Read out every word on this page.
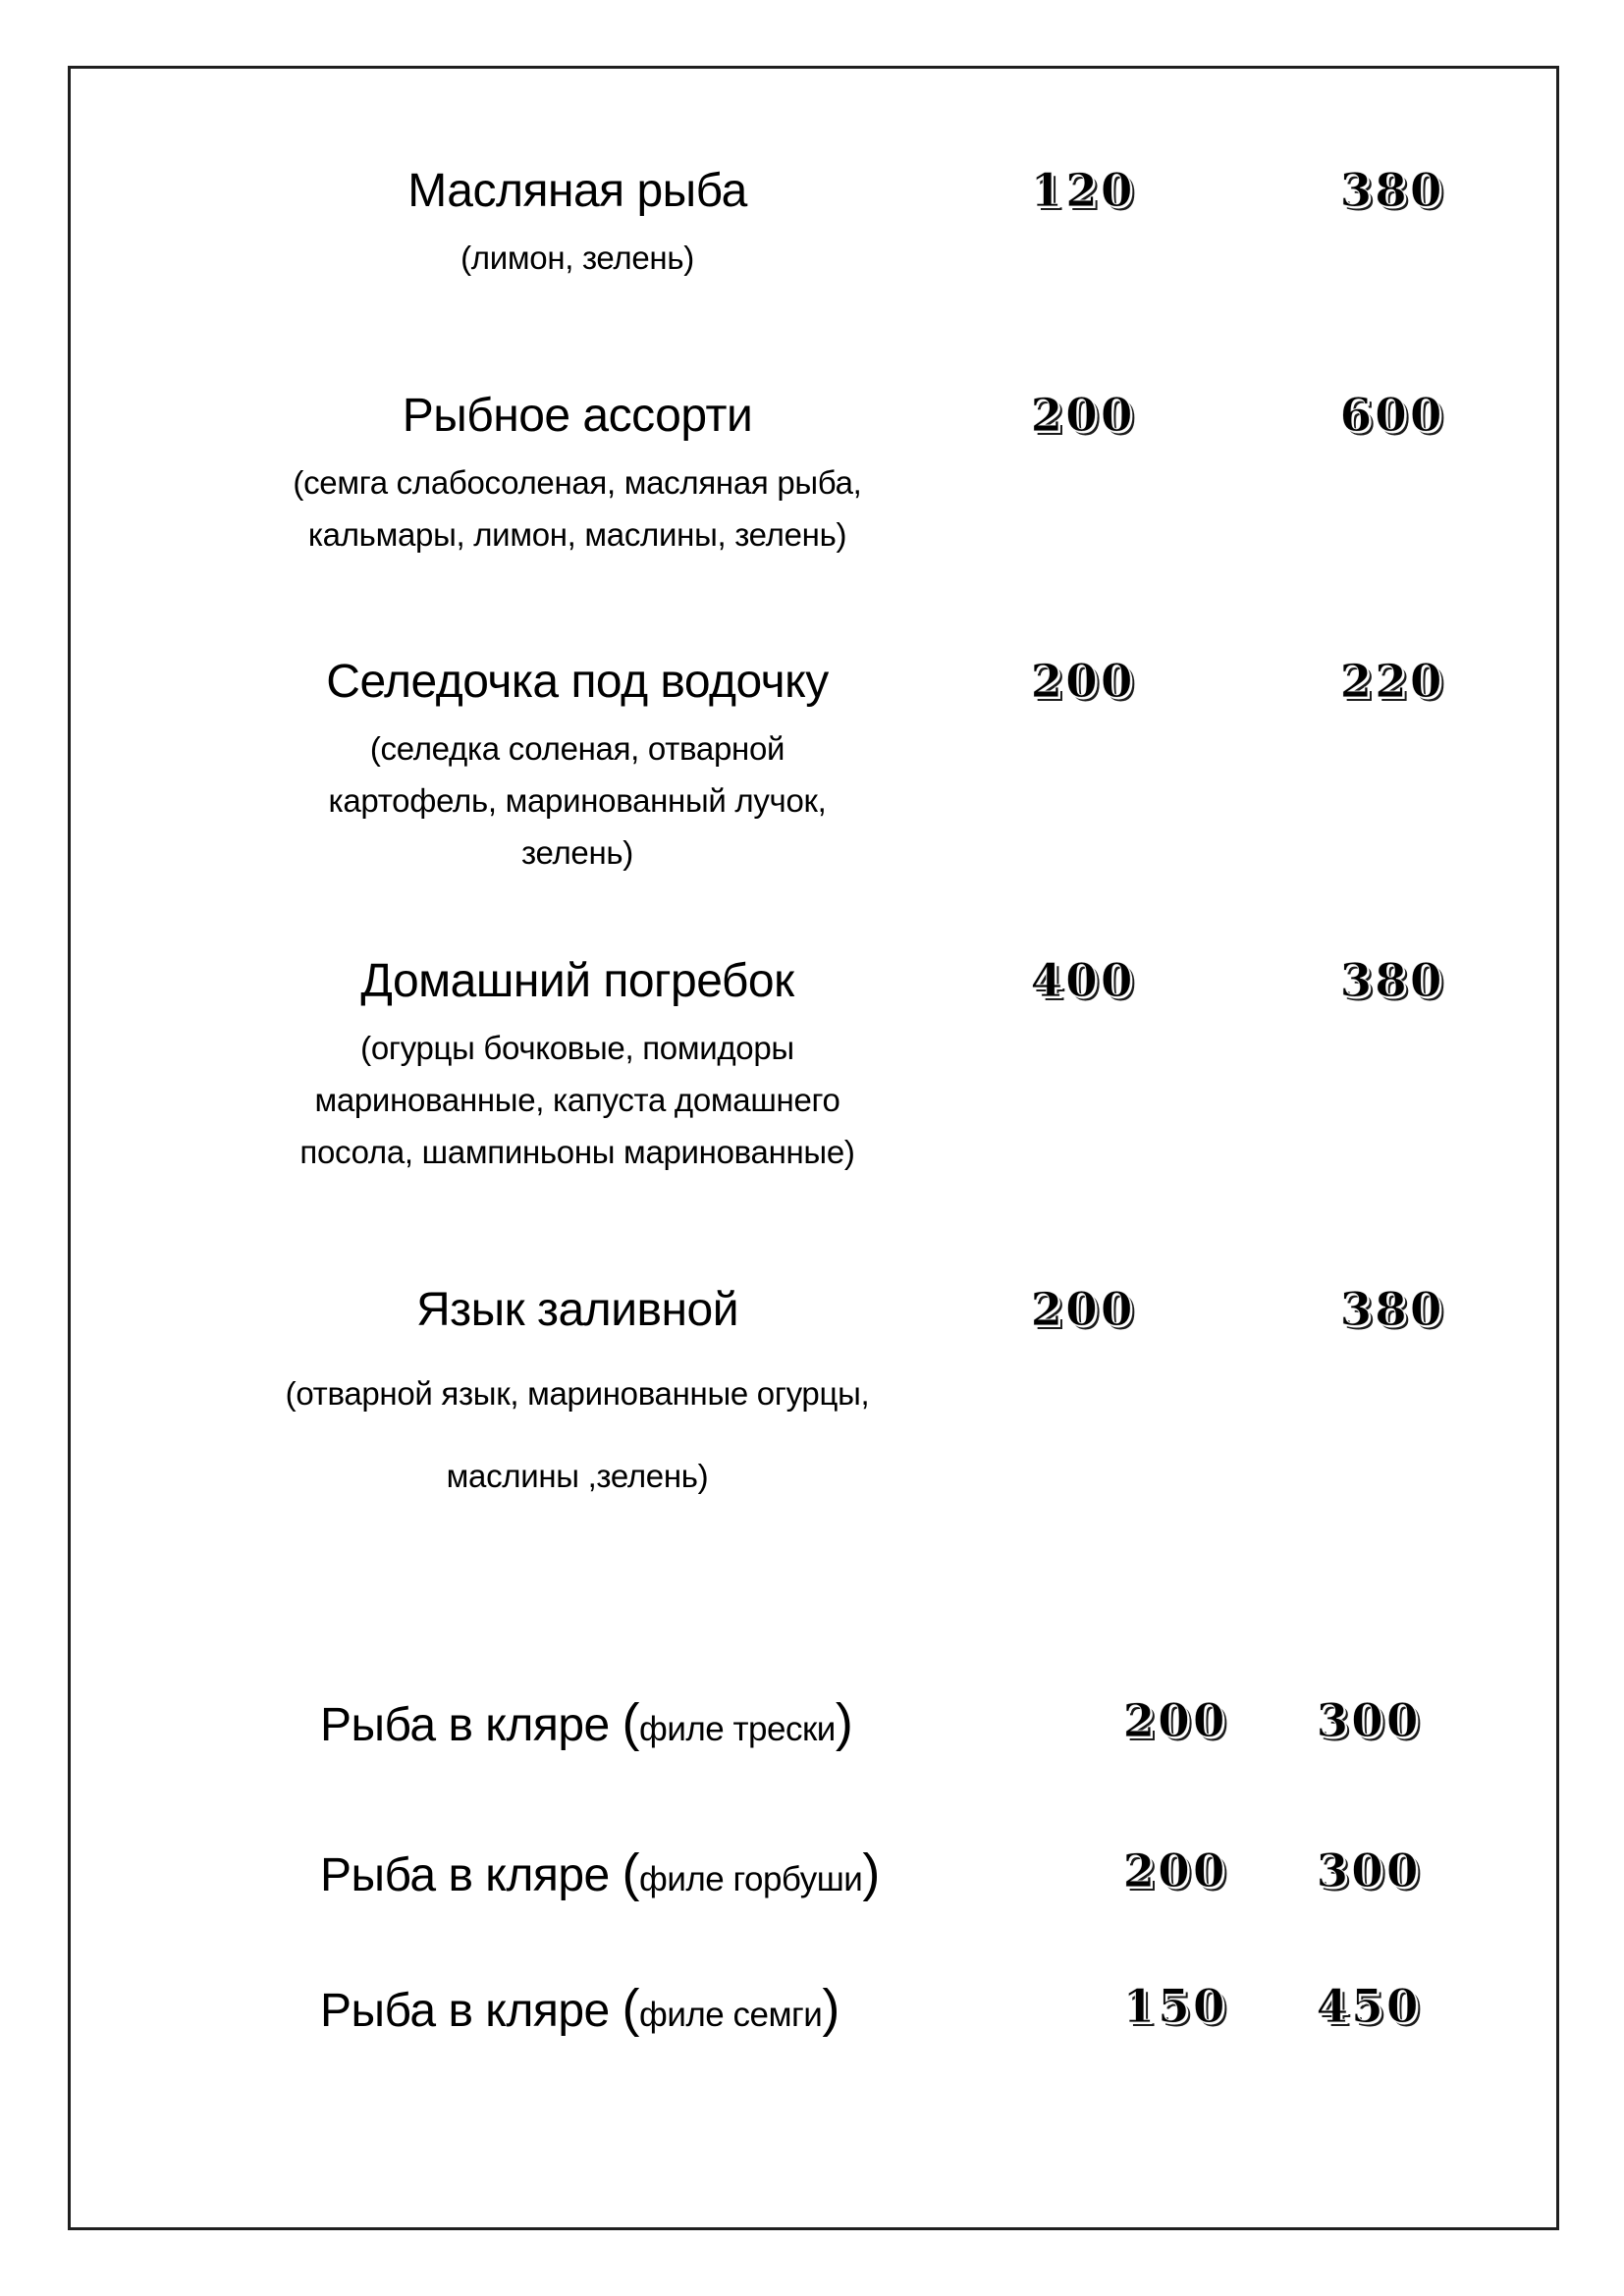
Масляная рыба	120	380
(лимон, зелень)
Рыбное ассорти	200	600
(семга слабосоленая, масляная рыба,
кальмары, лимон, маслины, зелень)
Селедочка под водочку	200	220
(селедка соленая, отварной
картофель, маринованный лучок,
зелень)
Домашний погребок	400	380
(огурцы бочковые, помидоры
маринованные, капуста домашнего
посола, шампиньоны маринованные)
Язык заливной	200	380
(отварной язык, маринованные огурцы,
маслины ,зелень)
Рыба в кляре (филе трески)	200 300
Рыба в кляре (филе горбуши)	200 300
Рыба в кляре (филе семги)	150 450
